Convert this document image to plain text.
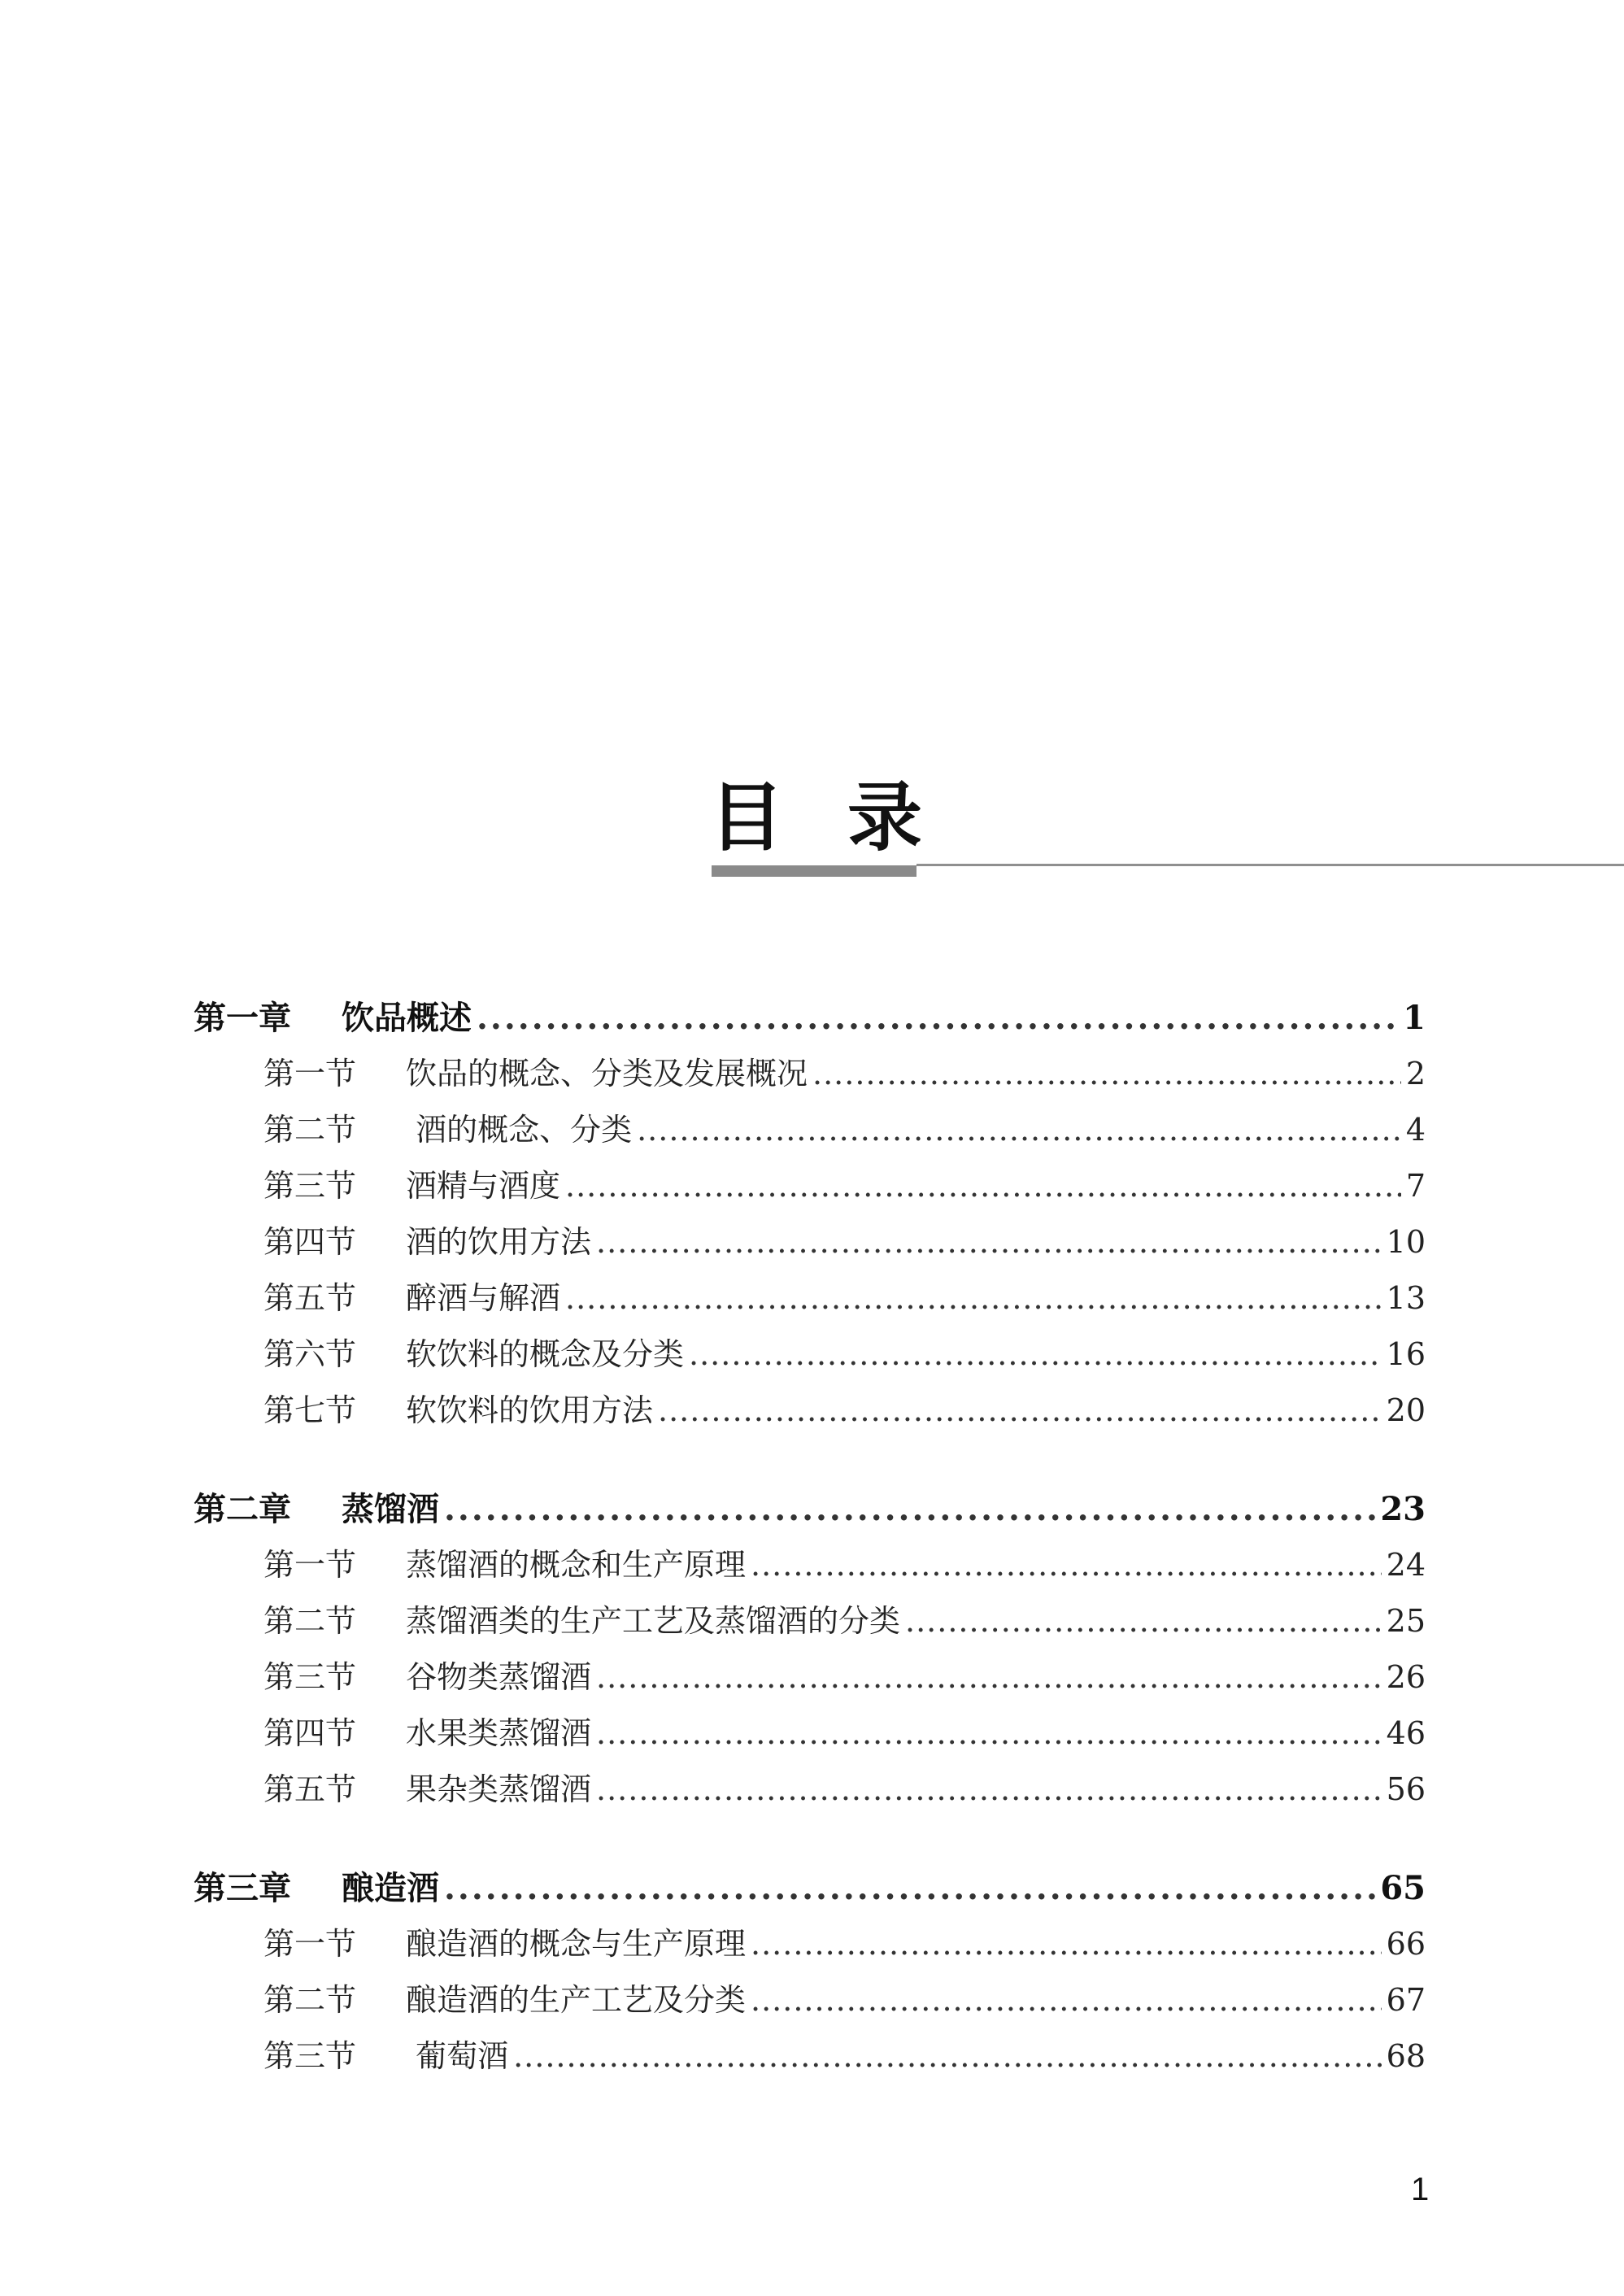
目 录
第一章	饮品概述 .....	1
第一节	饮品的概念、分类及发展概况 .....	2
第二节	酒的概念、分类 .....	4
第三节	酒精与酒度 .....	7
第四节	酒的饮用方法 .....	10
第五节	醉酒与解酒 .....	13
第六节	软饮料的概念及分类 .....	16
第七节	软饮料的饮用方法 .....	20
第二章	蒸馏酒 .....	23
第一节	蒸馏酒的概念和生产原理 .....	24
第二节	蒸馏酒类的生产工艺及蒸馏酒的分类 .....	25
第三节	谷物类蒸馏酒 .....	26
第四节	水果类蒸馏酒 .....	46
第五节	果杂类蒸馏酒 .....	56
第三章	酿造酒 .....	65
第一节	酿造酒的概念与生产原理 .....	66
第二节	酿造酒的生产工艺及分类 .....	67
第三节	葡萄酒 .....	68
1
